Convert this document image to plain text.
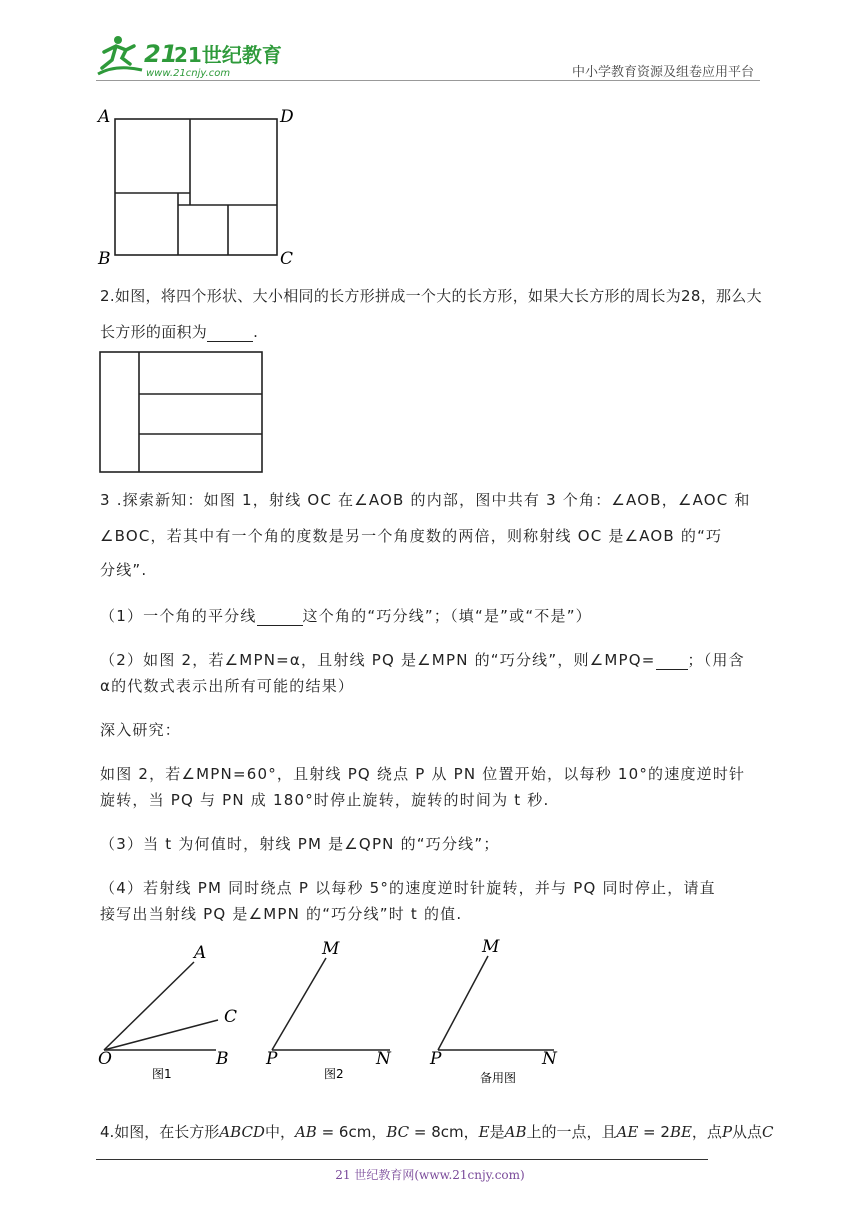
21
21世纪教育
www.21cnjy.com	中小学教育资源及组卷应用平台
A	D
B	C
2.如图，将四个形状、大小相同的长方形拼成一个大的长方形，如果大长方形的周长为28，那么大
长方形的面积为	.
3 .探索新知：如图 1，射线 OC 在∠AOB 的内部，图中共有 3 个角：∠AOB，∠AOC 和
∠BOC，若其中有一个角的度数是另一个角度数的两倍，则称射线 OC 是∠AOB 的“巧
分线”.
（1）一个角的平分线	这个角的“巧分线”；（填“是”或“不是”）
（2）如图 2，若∠MPN=α，且射线 PQ 是∠MPN 的“巧分线”，则∠MPQ= ；（用含
α的代数式表示出所有可能的结果）
深入研究：
如图 2，若∠MPN=60°，且射线 PQ 绕点 P 从 PN 位置开始，以每秒 10°的速度逆时针
旋转，当 PQ 与 PN 成 180°时停止旋转，旋转的时间为 t 秒.
（3）当 t 为何值时，射线 PM 是∠QPN 的“巧分线”；
（4）若射线 PM 同时绕点 P 以每秒 5°的速度逆时针旋转，并与 PQ 同时停止，请直
接写出当射线 PQ 是∠MPN 的“巧分线”时 t 的值.
A
C
O	B
图1
M
P	N
图2
M
P	N
备用图
4.如图，在长方形ABCD中，AB = 6cm，BC = 8cm，E是AB上的一点，且AE = 2BE，点P从点C
21 世纪教育网(www.21cnjy.com)
